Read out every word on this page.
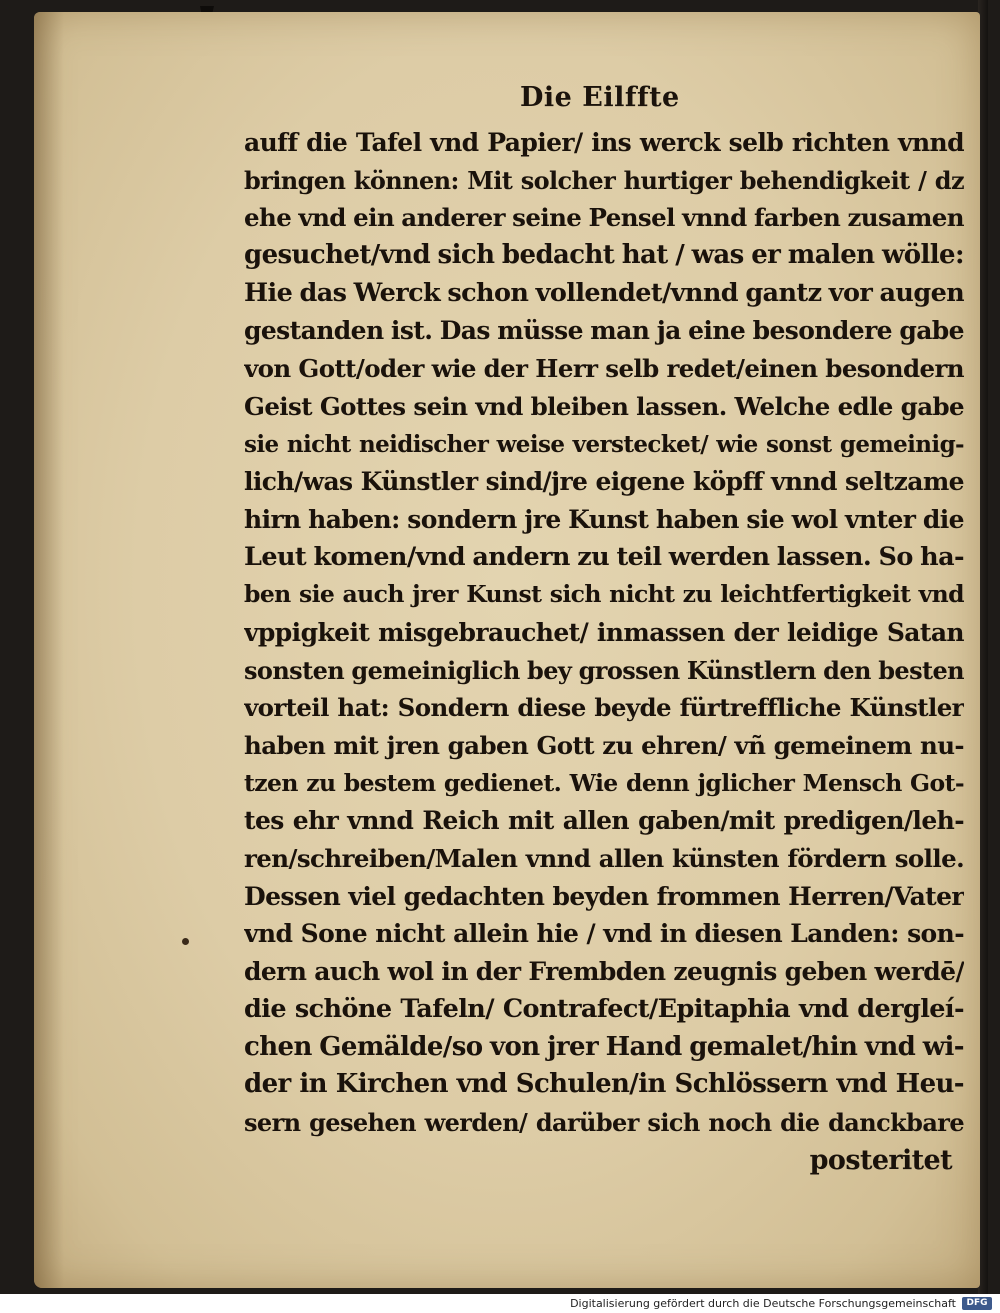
Die Eilffte
auff die Tafel vnd Papier/ ins werck selb richten vnnd
bringen können: Mit solcher hurtiger behendigkeit / dz
ehe vnd ein anderer seine Pensel vnnd farben zusamen
gesuchet/vnd sich bedacht hat / was er malen wölle:
Hie das Werck schon vollendet/vnnd gantz vor augen
gestanden ist. Das müsse man ja eine besondere gabe
von Gott/oder wie der Herr selb redet/einen besondern
Geist Gottes sein vnd bleiben lassen. Welche edle gabe
sie nicht neidischer weise verstecket/ wie sonst gemeinig-
lich/was Künstler sind/jre eigene köpff vnnd seltzame
hirn haben: sondern jre Kunst haben sie wol vnter die
Leut komen/vnd andern zu teil werden lassen. So ha-
ben sie auch jrer Kunst sich nicht zu leichtfertigkeit vnd
vppigkeit misgebrauchet/ inmassen der leidige Satan
sonsten gemeiniglich bey grossen Künstlern den besten
vorteil hat: Sondern diese beyde fürtreffliche Künstler
haben mit jren gaben Gott zu ehren/ vñ gemeinem nu-
tzen zu bestem gedienet. Wie denn jglicher Mensch Got-
tes ehr vnnd Reich mit allen gaben/mit predigen/leh-
ren/schreiben/Malen vnnd allen künsten fördern solle.
Dessen viel gedachten beyden frommen Herren/Vater
vnd Sone nicht allein hie / vnd in diesen Landen: son-
dern auch wol in der Frembden zeugnis geben werdē/
die schöne Tafeln/ Contrafect/Epitaphia vnd dergleí-
chen Gemälde/so von jrer Hand gemalet/hin vnd wi-
der in Kirchen vnd Schulen/in Schlössern vnd Heu-
sern gesehen werden/ darüber sich noch die danckbare
posteritet
Digitalisierung gefördert durch die Deutsche Forschungsgemeinschaft	DFG
